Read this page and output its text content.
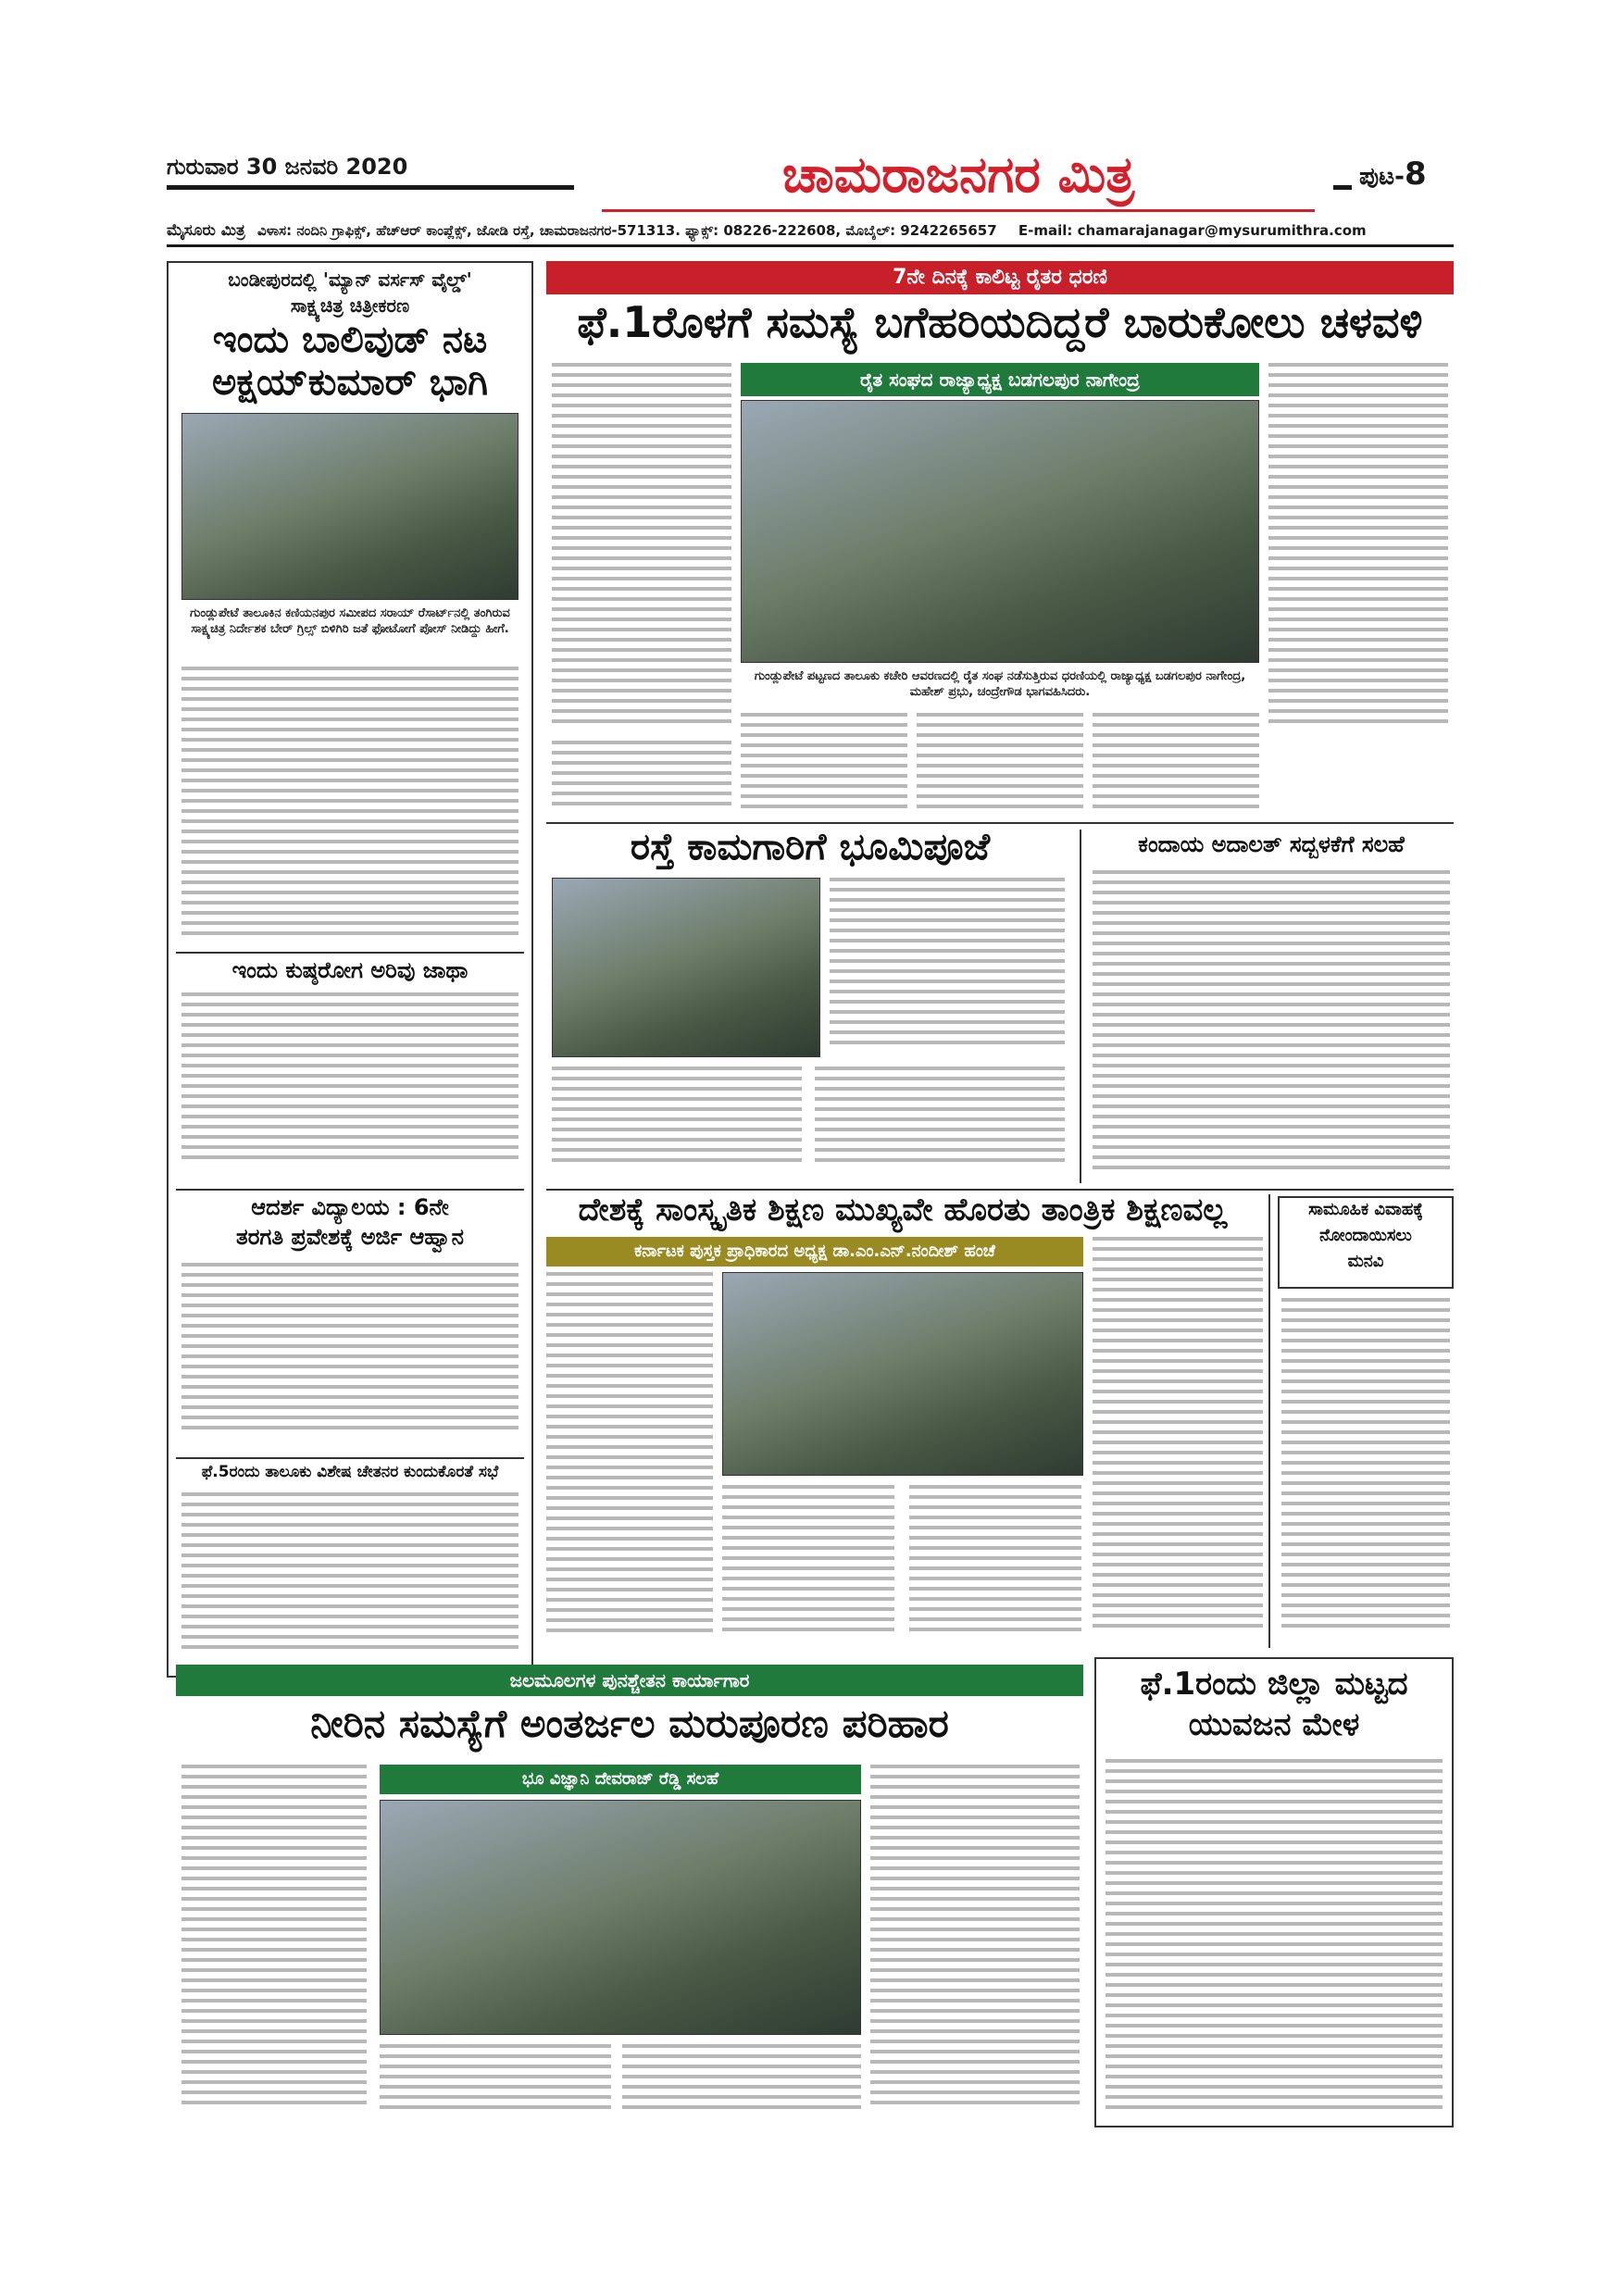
ಗುರುವಾರ 30 ಜನವರಿ 2020	ಚಾಮರಾಜನಗರ ಮಿತ್ರ	ಪುಟ-8
ಮೈಸೂರು ಮಿತ್ರ ವಿಳಾಸ: ನಂದಿನಿ ಗ್ರಾಫಿಕ್ಸ್, ಹೆಚ್‌ಆರ್ ಕಾಂಪ್ಲೆಕ್ಸ್, ಜೋಡಿ ರಸ್ತೆ, ಚಾಮರಾಜನಗರ-571313. ಫ್ಯಾಕ್ಸ್: 08226-222608, ಮೊಬೈಲ್: 9242265657 E-mail: chamarajanagar@mysurumithra.com
ಬಂಡೀಪುರದಲ್ಲಿ 'ಮ್ಯಾನ್ ವರ್ಸಸ್ ವೈಲ್ಡ್'
ಸಾಕ್ಷ್ಯಚಿತ್ರ ಚಿತ್ರೀಕರಣ
ಇಂದು ಬಾಲಿವುಡ್ ನಟ
ಅಕ್ಷಯ್‌ಕುಮಾರ್ ಭಾಗಿ
ಗುಂಡ್ಲುಪೇಟೆ ತಾಲೂಕಿನ ಕಣಿಯನಪುರ ಸಮೀಪದ ಸರಾಯ್ ರೆಸಾರ್ಟ್‌ನಲ್ಲಿ ತಂಗಿರುವ ಸಾಕ್ಷ್ಯಚಿತ್ರ ನಿರ್ದೇಶಕ ಬೇರ್ ಗ್ರಿಲ್ಸ್ ಬಿಳಿಗಿರಿ ಜತೆ ಫೋಟೋಗೆ ಪೋಸ್ ನೀಡಿದ್ದು ಹೀಗೆ.
ಇಂದು ಕುಷ್ಠರೋಗ ಅರಿವು ಜಾಥಾ
ಆದರ್ಶ ವಿದ್ಯಾಲಯ : 6ನೇ
ತರಗತಿ ಪ್ರವೇಶಕ್ಕೆ ಅರ್ಜಿ ಆಹ್ವಾನ
ಫೆ.5ರಂದು ತಾಲೂಕು ವಿಶೇಷ ಚೇತನರ ಕುಂದುಕೊರತೆ ಸಭೆ
7ನೇ ದಿನಕ್ಕೆ ಕಾಲಿಟ್ಟ ರೈತರ ಧರಣಿ
ಫೆ.1ರೊಳಗೆ ಸಮಸ್ಯೆ ಬಗೆಹರಿಯದಿದ್ದರೆ ಬಾರುಕೋಲು ಚಳವಳಿ
ರೈತ ಸಂಘದ ರಾಜ್ಯಾಧ್ಯಕ್ಷ ಬಡಗಲಪುರ ನಾಗೇಂದ್ರ
ಗುಂಡ್ಲುಪೇಟೆ ಪಟ್ಟಣದ ತಾಲೂಕು ಕಚೇರಿ ಆವರಣದಲ್ಲಿ ರೈತ ಸಂಘ ನಡೆಸುತ್ತಿರುವ ಧರಣಿಯಲ್ಲಿ ರಾಜ್ಯಾಧ್ಯಕ್ಷ ಬಡಗಲಪುರ ನಾಗೇಂದ್ರ, ಮಹೇಶ್ ಪ್ರಭು, ಚಂದ್ರೇಗೌಡ ಭಾಗವಹಿಸಿದರು.
ರಸ್ತೆ ಕಾಮಗಾರಿಗೆ ಭೂಮಿಪೂಜೆ	ಕಂದಾಯ ಅದಾಲತ್ ಸದ್ಬಳಕೆಗೆ ಸಲಹೆ
ದೇಶಕ್ಕೆ ಸಾಂಸ್ಕೃತಿಕ ಶಿಕ್ಷಣ ಮುಖ್ಯವೇ ಹೊರತು ತಾಂತ್ರಿಕ ಶಿಕ್ಷಣವಲ್ಲ
ಕರ್ನಾಟಕ ಪುಸ್ತಕ ಪ್ರಾಧಿಕಾರದ ಅಧ್ಯಕ್ಷ ಡಾ.ಎಂ.ಎನ್.ನಂದೀಶ್ ಹಂಚೆ
ಸಾಮೂಹಿಕ ವಿವಾಹಕ್ಕೆ
ನೋಂದಾಯಿಸಲು
ಮನವಿ
ಜಲಮೂಲಗಳ ಪುನಶ್ಚೇತನ ಕಾರ್ಯಾಗಾರ
ನೀರಿನ ಸಮಸ್ಯೆಗೆ ಅಂತರ್ಜಲ ಮರುಪೂರಣ ಪರಿಹಾರ
ಭೂ ವಿಜ್ಞಾನಿ ದೇವರಾಜ್ ರೆಡ್ಡಿ ಸಲಹೆ
ಫೆ.1ರಂದು ಜಿಲ್ಲಾ ಮಟ್ಟದ
ಯುವಜನ ಮೇಳ
